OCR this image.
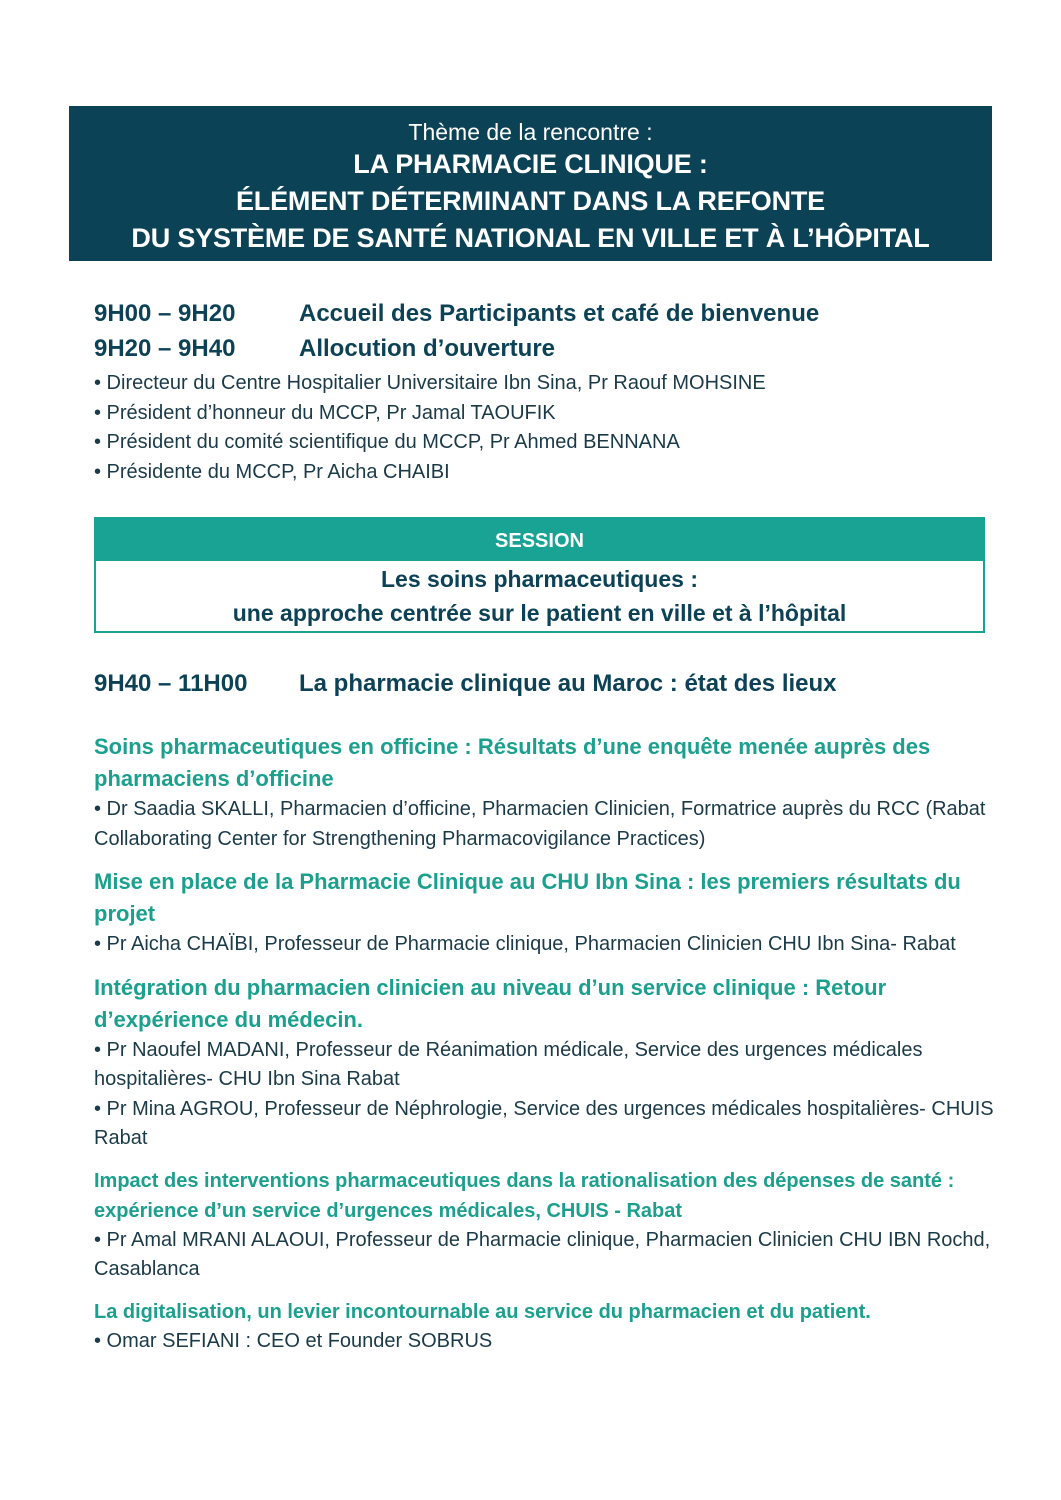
Thème de la rencontre :
LA PHARMACIE CLINIQUE :
ÉLÉMENT DÉTERMINANT DANS LA REFONTE
DU SYSTÈME DE SANTÉ NATIONAL EN VILLE ET À L’HÔPITAL
9H00 – 9H20	Accueil des Participants et café de bienvenue
9H20 – 9H40	Allocution d’ouverture
• Directeur du Centre Hospitalier Universitaire Ibn Sina, Pr Raouf MOHSINE
• Président d’honneur du MCCP, Pr Jamal TAOUFIK
• Président du comité scientifique du MCCP, Pr Ahmed BENNANA
• Présidente du MCCP, Pr Aicha CHAIBI
SESSION
Les soins pharmaceutiques :
une approche centrée sur le patient en ville et à l’hôpital
9H40 – 11H00	La pharmacie clinique au Maroc : état des lieux
Soins pharmaceutiques en officine : Résultats d’une enquête menée auprès des pharmaciens d’officine
• Dr Saadia SKALLI, Pharmacien d’officine, Pharmacien Clinicien, Formatrice auprès du RCC (Rabat Collaborating Center for Strengthening Pharmacovigilance Practices)
Mise en place de la Pharmacie Clinique au CHU Ibn Sina : les premiers résultats du projet
• Pr Aicha CHAÏBI, Professeur de Pharmacie clinique, Pharmacien Clinicien CHU Ibn Sina- Rabat
Intégration du pharmacien clinicien au niveau d’un service clinique : Retour d’expérience du médecin.
• Pr Naoufel MADANI, Professeur de Réanimation médicale, Service des urgences médicales hospitalières- CHU Ibn Sina Rabat
• Pr Mina AGROU, Professeur de Néphrologie, Service des urgences médicales hospitalières- CHUIS Rabat
Impact des interventions pharmaceutiques dans la rationalisation des dépenses de santé : expérience d’un service d’urgences médicales, CHUIS - Rabat
• Pr Amal MRANI ALAOUI, Professeur de Pharmacie clinique, Pharmacien Clinicien CHU IBN Rochd, Casablanca
La digitalisation, un levier incontournable au service du pharmacien et du patient.
• Omar SEFIANI : CEO et Founder SOBRUS
